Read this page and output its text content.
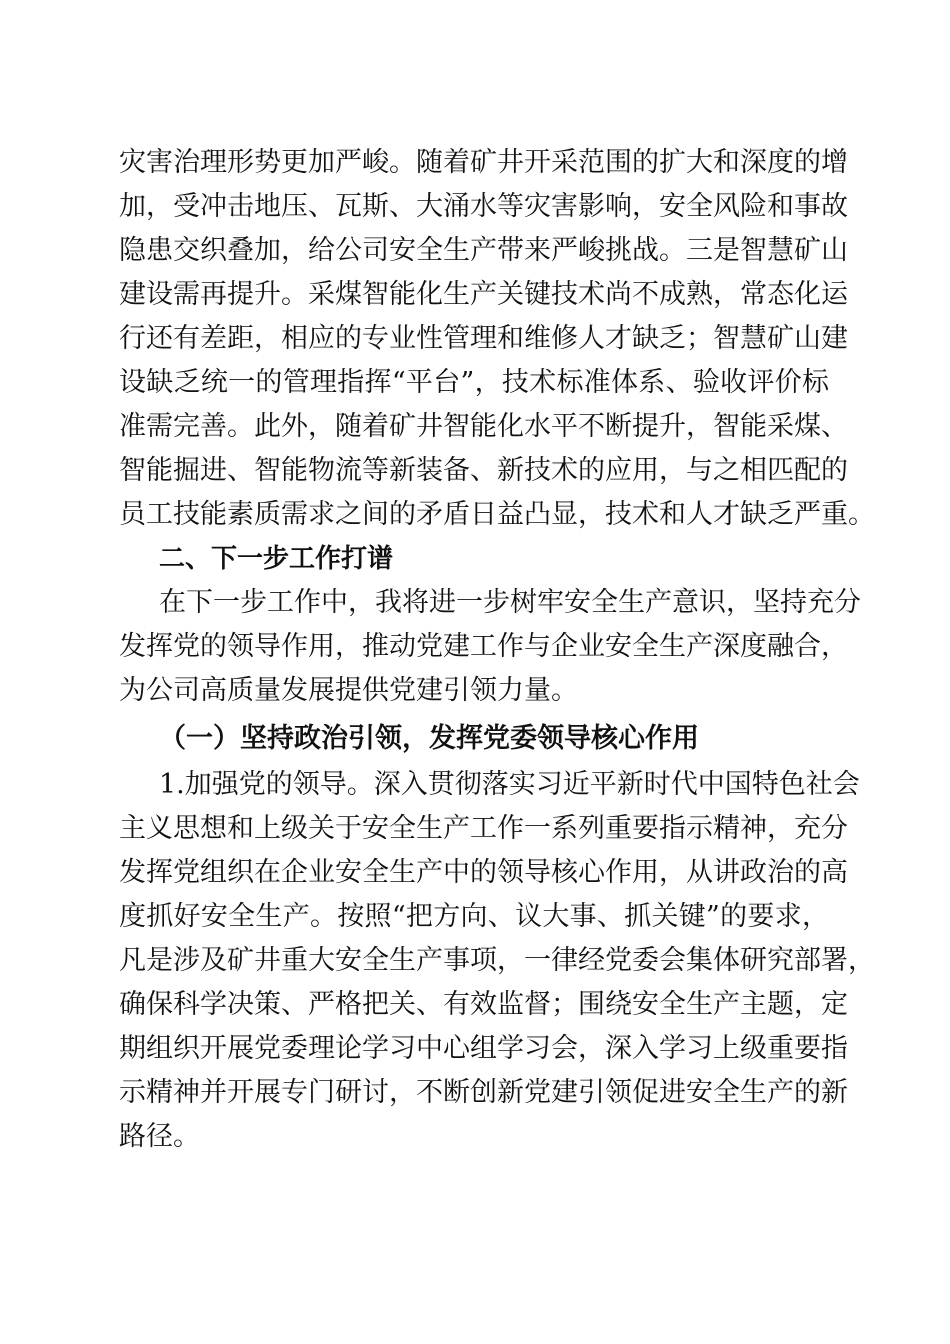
灾害治理形势更加严峻。随着矿井开采范围的扩大和深度的增
加，受冲击地压、瓦斯、大涌水等灾害影响，安全风险和事故
隐患交织叠加，给公司安全生产带来严峻挑战。三是智慧矿山
建设需再提升。采煤智能化生产关键技术尚不成熟，常态化运
行还有差距，相应的专业性管理和维修人才缺乏；智慧矿山建
设缺乏统一的管理指挥“平台”，技术标准体系、验收评价标
准需完善。此外，随着矿井智能化水平不断提升，智能采煤、
智能掘进、智能物流等新装备、新技术的应用，与之相匹配的
员工技能素质需求之间的矛盾日益凸显，技术和人才缺乏严重。
二、下一步工作打谱
在下一步工作中，我将进一步树牢安全生产意识，坚持充分
发挥党的领导作用，推动党建工作与企业安全生产深度融合，
为公司高质量发展提供党建引领力量。
（一）坚持政治引领，发挥党委领导核心作用
1.加强党的领导。深入贯彻落实习近平新时代中国特色社会
主义思想和上级关于安全生产工作一系列重要指示精神，充分
发挥党组织在企业安全生产中的领导核心作用，从讲政治的高
度抓好安全生产。按照“把方向、议大事、抓关键”的要求，
凡是涉及矿井重大安全生产事项，一律经党委会集体研究部署，
确保科学决策、严格把关、有效监督；围绕安全生产主题，定
期组织开展党委理论学习中心组学习会，深入学习上级重要指
示精神并开展专门研讨，不断创新党建引领促进安全生产的新
路径。
